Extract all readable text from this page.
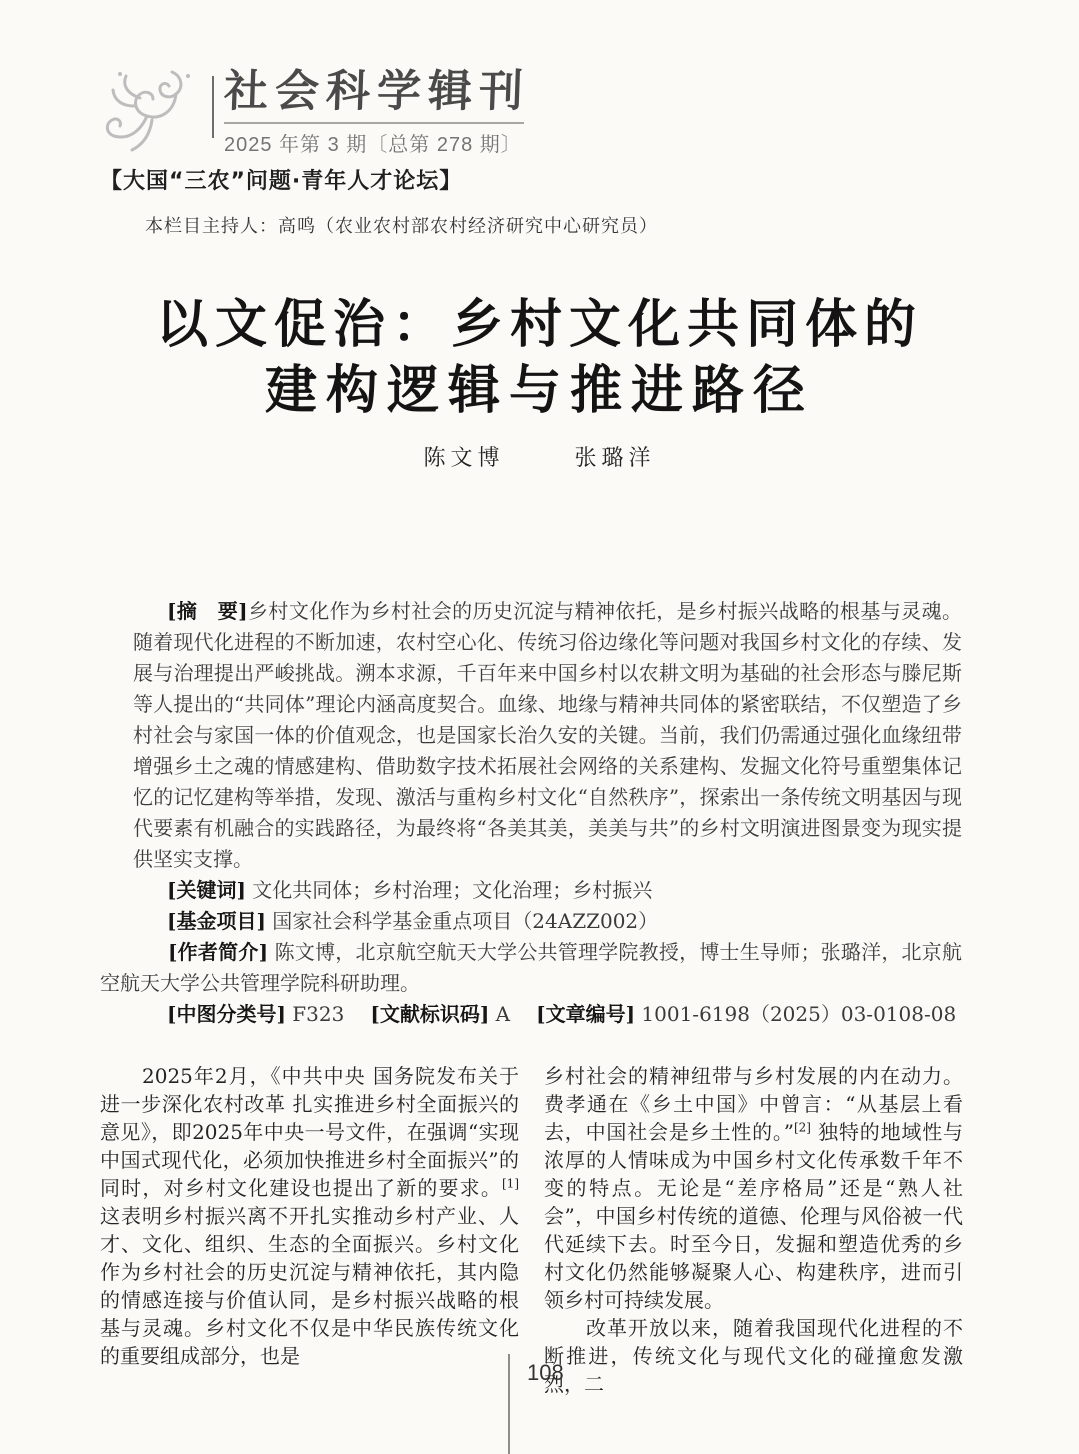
社会科学辑刊
2025 年第 3 期〔总第 278 期〕
【大国“三农”问题·青年人才论坛】
本栏目主持人：高鸣（农业农村部农村经济研究中心研究员）
以文促治：乡村文化共同体的
建构逻辑与推进路径
陈文博	张璐洋

[摘　要]乡村文化作为乡村社会的历史沉淀与精神依托，是乡村振兴战略的根基与灵魂。随着现代化进程的不断加速，农村空心化、传统习俗边缘化等问题对我国乡村文化的存续、发展与治理提出严峻挑战。溯本求源，千百年来中国乡村以农耕文明为基础的社会形态与滕尼斯等人提出的“共同体”理论内涵高度契合。血缘、地缘与精神共同体的紧密联结，不仅塑造了乡村社会与家国一体的价值观念，也是国家长治久安的关键。当前，我们仍需通过强化血缘纽带增强乡土之魂的情感建构、借助数字技术拓展社会网络的关系建构、发掘文化符号重塑集体记忆的记忆建构等举措，发现、激活与重构乡村文化“自然秩序”，探索出一条传统文明基因与现代要素有机融合的实践路径，为最终将“各美其美，美美与共”的乡村文明演进图景变为现实提供坚实支撑。

[关键词] 文化共同体；乡村治理；文化治理；乡村振兴

[基金项目] 国家社会科学基金重点项目（24AZZ002）

[作者简介] 陈文博，北京航空航天大学公共管理学院教授，博士生导师；张璐洋，北京航空航天大学公共管理学院科研助理。

[中图分类号] F323 [文献标识码] A [文章编号] 1001-6198（2025）03-0108-08

　　2025年2月，《中共中央 国务院发布关于进一步深化农村改革 扎实推进乡村全面振兴的意见》，即2025年中央一号文件，在强调“实现中国式现代化，必须加快推进乡村全面振兴”的同时，对乡村文化建设也提出了新的要求。[1] 这表明乡村振兴离不开扎实推动乡村产业、人才、文化、组织、生态的全面振兴。乡村文化作为乡村社会的历史沉淀与精神依托，其内隐的情感连接与价值认同，是乡村振兴战略的根基与灵魂。乡村文化不仅是中华民族传统文化的重要组成部分，也是

乡村社会的精神纽带与乡村发展的内在动力。费孝通在《乡土中国》中曾言：“从基层上看去，中国社会是乡土性的。”[2] 独特的地域性与浓厚的人情味成为中国乡村文化传承数千年不变的特点。无论是“差序格局”还是“熟人社会”，中国乡村传统的道德、伦理与风俗被一代代延续下去。时至今日，发掘和塑造优秀的乡村文化仍然能够凝聚人心、构建秩序，进而引领乡村可持续发展。

　　改革开放以来，随着我国现代化进程的不断推进，传统文化与现代文化的碰撞愈发激烈，二

108
